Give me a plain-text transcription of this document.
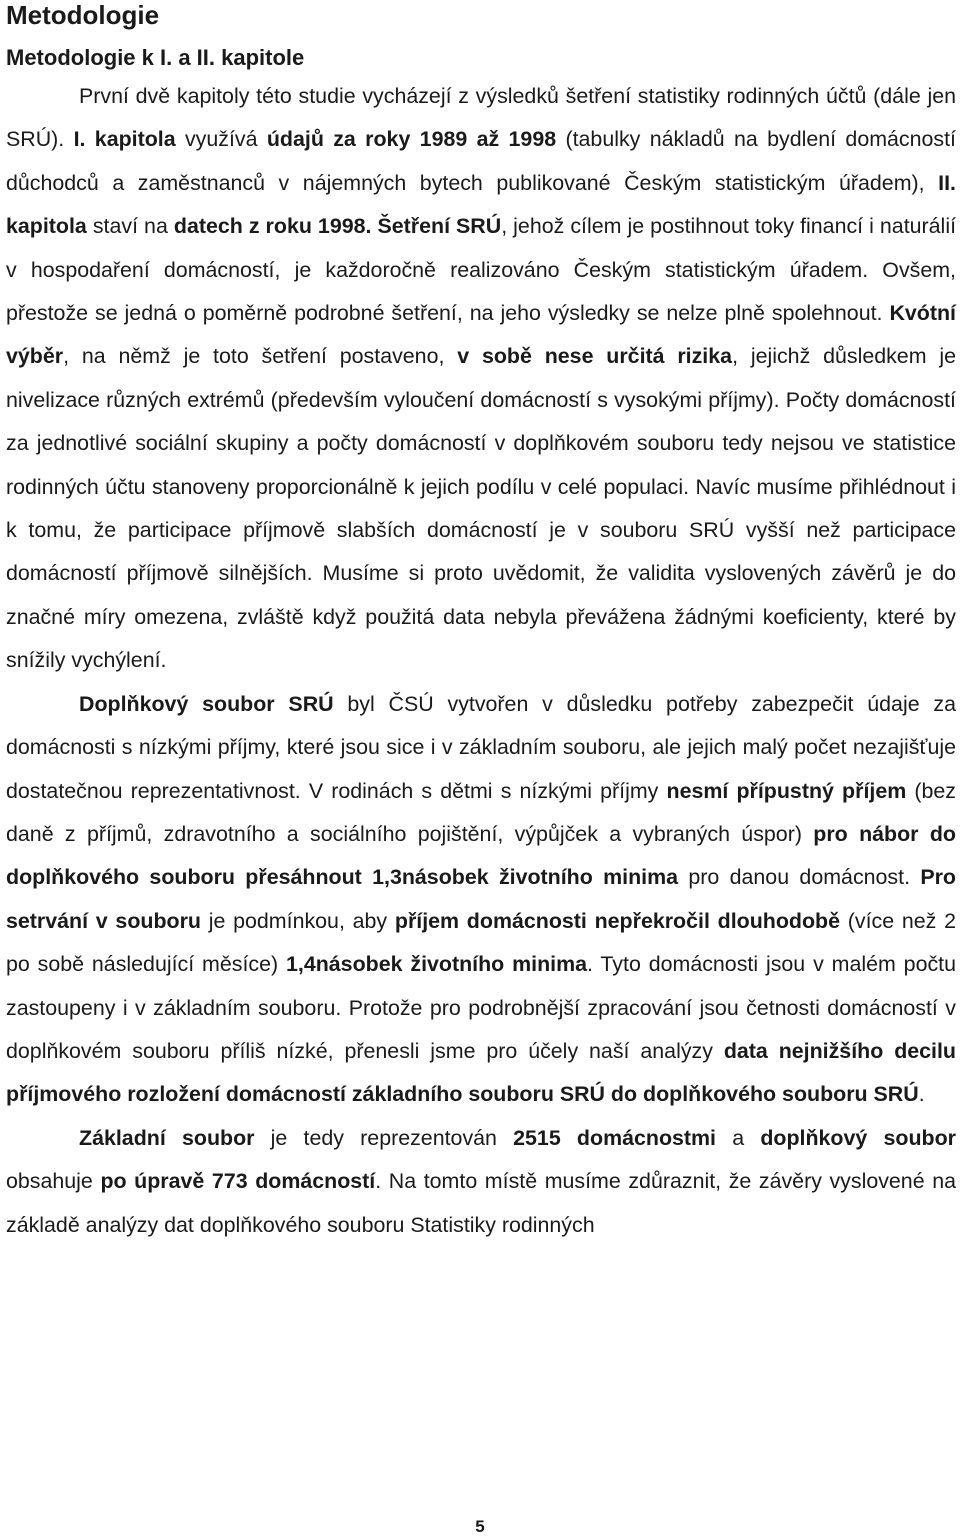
Metodologie
Metodologie k I. a II. kapitole

První dvě kapitoly této studie vycházejí z výsledků šetření statistiky rodinných účtů (dále jen SRÚ). I. kapitola využívá údajů za roky 1989 až 1998 (tabulky nákladů na bydlení domácností důchodců a zaměstnanců v nájemných bytech publikované Českým statistickým úřadem), II. kapitola staví na datech z roku 1998. Šetření SRÚ, jehož cílem je postihnout toky financí i naturálií v hospodaření domácností, je každoročně realizováno Českým statistickým úřadem. Ovšem, přestože se jedná o poměrně podrobné šetření, na jeho výsledky se nelze plně spolehnout. Kvótní výběr, na němž je toto šetření postaveno, v sobě nese určitá rizika, jejichž důsledkem je nivelizace různých extrémů (především vyloučení domácností s vysokými příjmy). Počty domácností za jednotlivé sociální skupiny a počty domácností v doplňkovém souboru tedy nejsou ve statistice rodinných účtu stanoveny proporcionálně k jejich podílu v celé populaci. Navíc musíme přihlédnout i k tomu, že participace příjmově slabších domácností je v souboru SRÚ vyšší než participace domácností příjmově silnějších. Musíme si proto uvědomit, že validita vyslovených závěrů je do značné míry omezena, zvláště když použitá data nebyla převážena žádnými koeficienty, které by snížily vychýlení.

Doplňkový soubor SRÚ byl ČSÚ vytvořen v důsledku potřeby zabezpečit údaje za domácnosti s nízkými příjmy, které jsou sice i v základním souboru, ale jejich malý počet nezajišťuje dostatečnou reprezentativnost. V rodinách s dětmi s nízkými příjmy nesmí přípustný příjem (bez daně z příjmů, zdravotního a sociálního pojištění, výpůjček a vybraných úspor) pro nábor do doplňkového souboru přesáhnout 1,3násobek životního minima pro danou domácnost. Pro setrvání v souboru je podmínkou, aby příjem domácnosti nepřekročil dlouhodobě (více než 2 po sobě následující měsíce) 1,4násobek životního minima. Tyto domácnosti jsou v malém počtu zastoupeny i v základním souboru. Protože pro podrobnější zpracování jsou četnosti domácností v doplňkovém souboru příliš nízké, přenesli jsme pro účely naší analýzy data nejnižšího decilu příjmového rozložení domácností základního souboru SRÚ do doplňkového souboru SRÚ.

Základní soubor je tedy reprezentován 2515 domácnostmi a doplňkový soubor obsahuje po úpravě 773 domácností. Na tomto místě musíme zdůraznit, že závěry vyslovené na základě analýzy dat doplňkového souboru Statistiky rodinných

5
